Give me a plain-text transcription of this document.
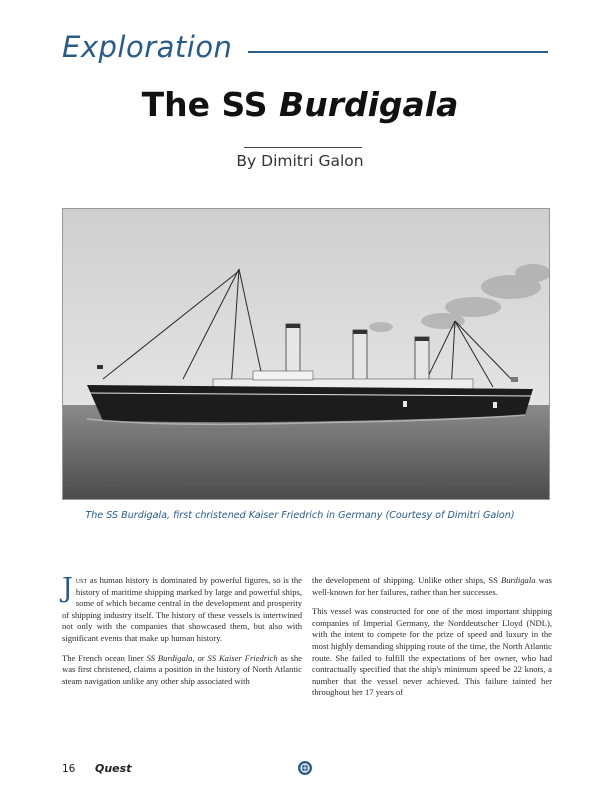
Exploration
The SS Burdigala
By Dimitri Galon
The SS Burdigala, first christened Kaiser Friedrich in Germany (Courtesy of Dimitri Galon)

Just as human history is dominated by powerful figures, so is the history of maritime shipping marked by large and powerful ships, some of which became central in the development and prosperity of shipping industry itself. The history of these vessels is intertwined not only with the companies that showcased them, but also with significant events that make up human history.

The French ocean liner SS Burdigala, or SS Kaiser Friedrich as she was first christened, claims a position in the history of North Atlantic steam navigation unlike any other ship associated with

the development of shipping. Unlike other ships, SS Burdigala was well-known for her failures, rather than her successes.

This vessel was constructed for one of the most important shipping companies of Imperial Germany, the Norddeutscher Lloyd (NDL), with the intent to compete for the prize of speed and luxury in the most highly demanding shipping route of the time, the North Atlantic route. She failed to fulfill the expectations of her owner, who had contractually specified that the ship's minimum speed be 22 knots, a number that the vessel never achieved. This failure tainted her throughout her 17 years of

16 Quest
